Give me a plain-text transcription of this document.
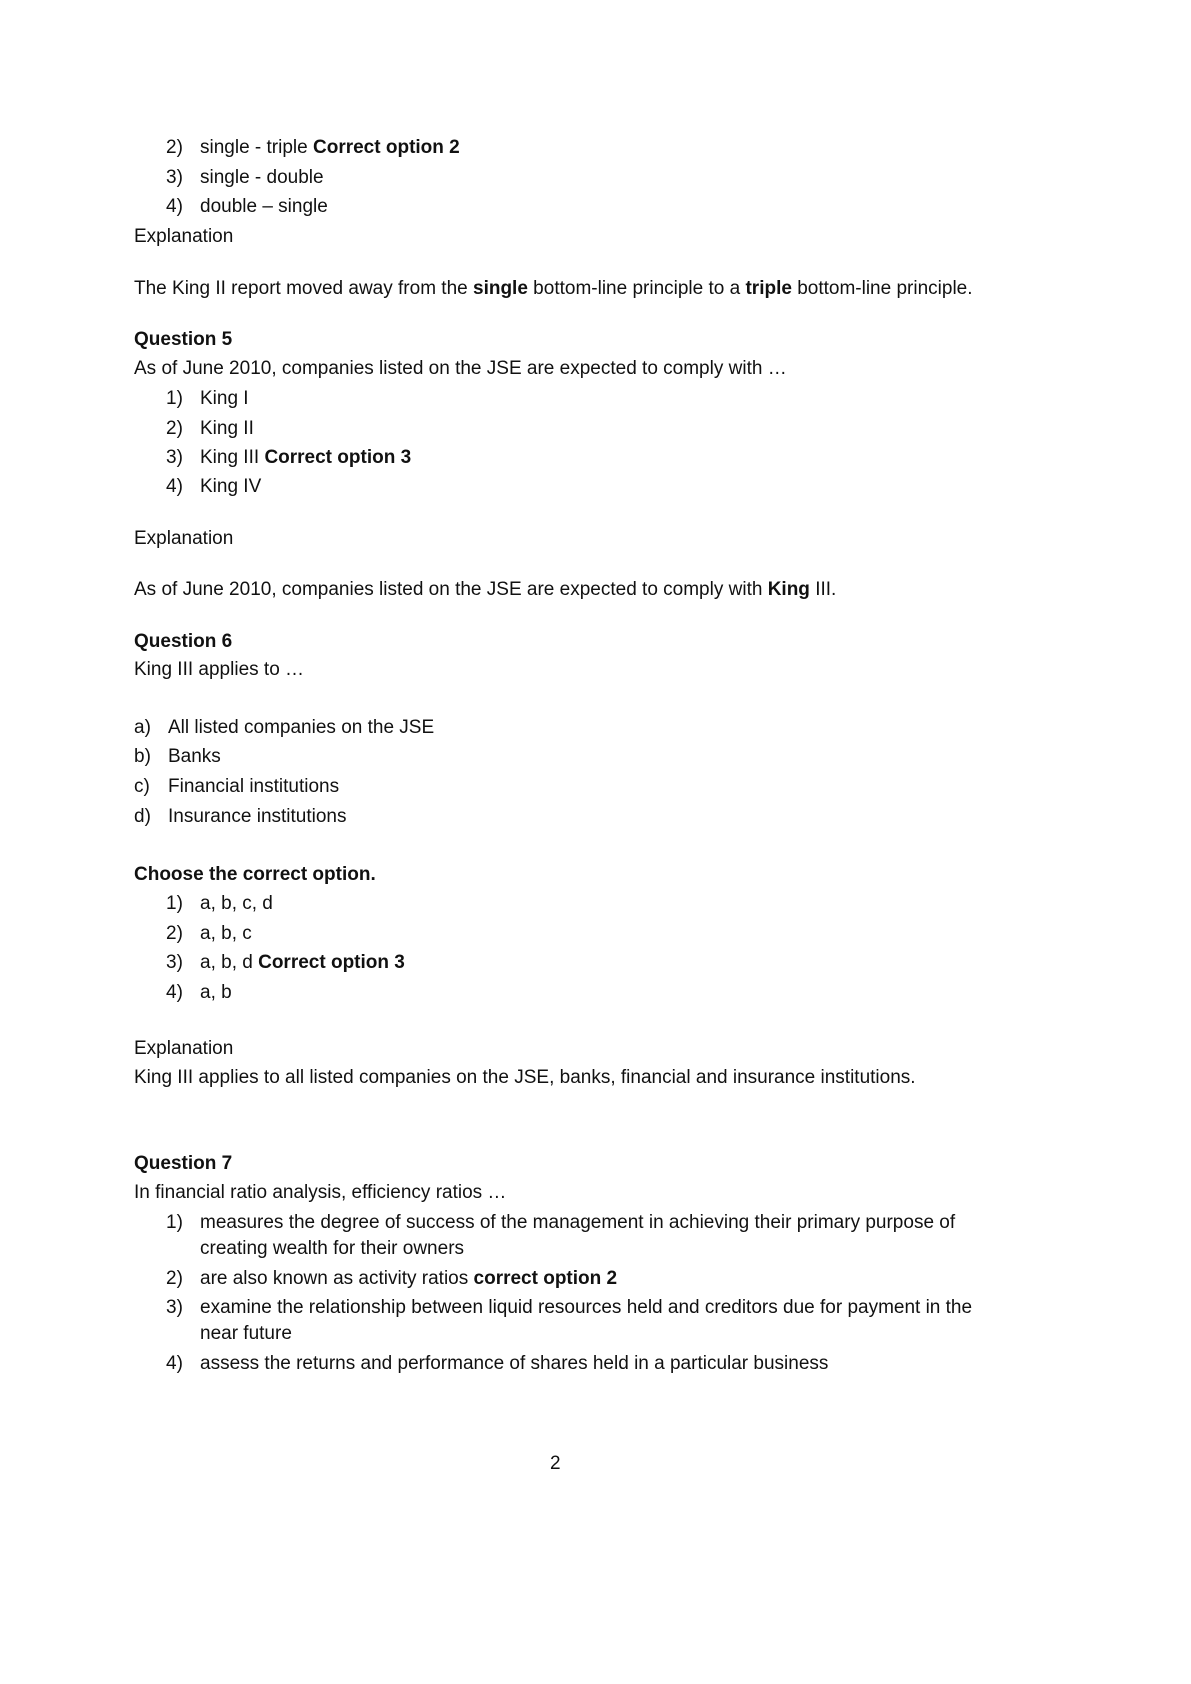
2) single - triple Correct option 2
3) single - double
4) double – single
Explanation
The King II report moved away from the single bottom-line principle to a triple bottom-line principle.
Question 5
As of June 2010, companies listed on the JSE are expected to comply with …
1) King I
2) King II
3) King III Correct option 3
4) King IV
Explanation
As of June 2010, companies listed on the JSE are expected to comply with King III.
Question 6
King III applies to …
a) All listed companies on the JSE
b) Banks
c) Financial institutions
d) Insurance institutions
Choose the correct option.
1) a, b, c, d
2) a, b, c
3) a, b, d Correct option 3
4) a, b
Explanation
King III applies to all listed companies on the JSE, banks, financial and insurance institutions.
Question 7
In financial ratio analysis, efficiency ratios …
1) measures the degree of success of the management in achieving their primary purpose of
creating wealth for their owners
2) are also known as activity ratios correct option 2
3) examine the relationship between liquid resources held and creditors due for payment in the
near future
4) assess the returns and performance of shares held in a particular business
2
